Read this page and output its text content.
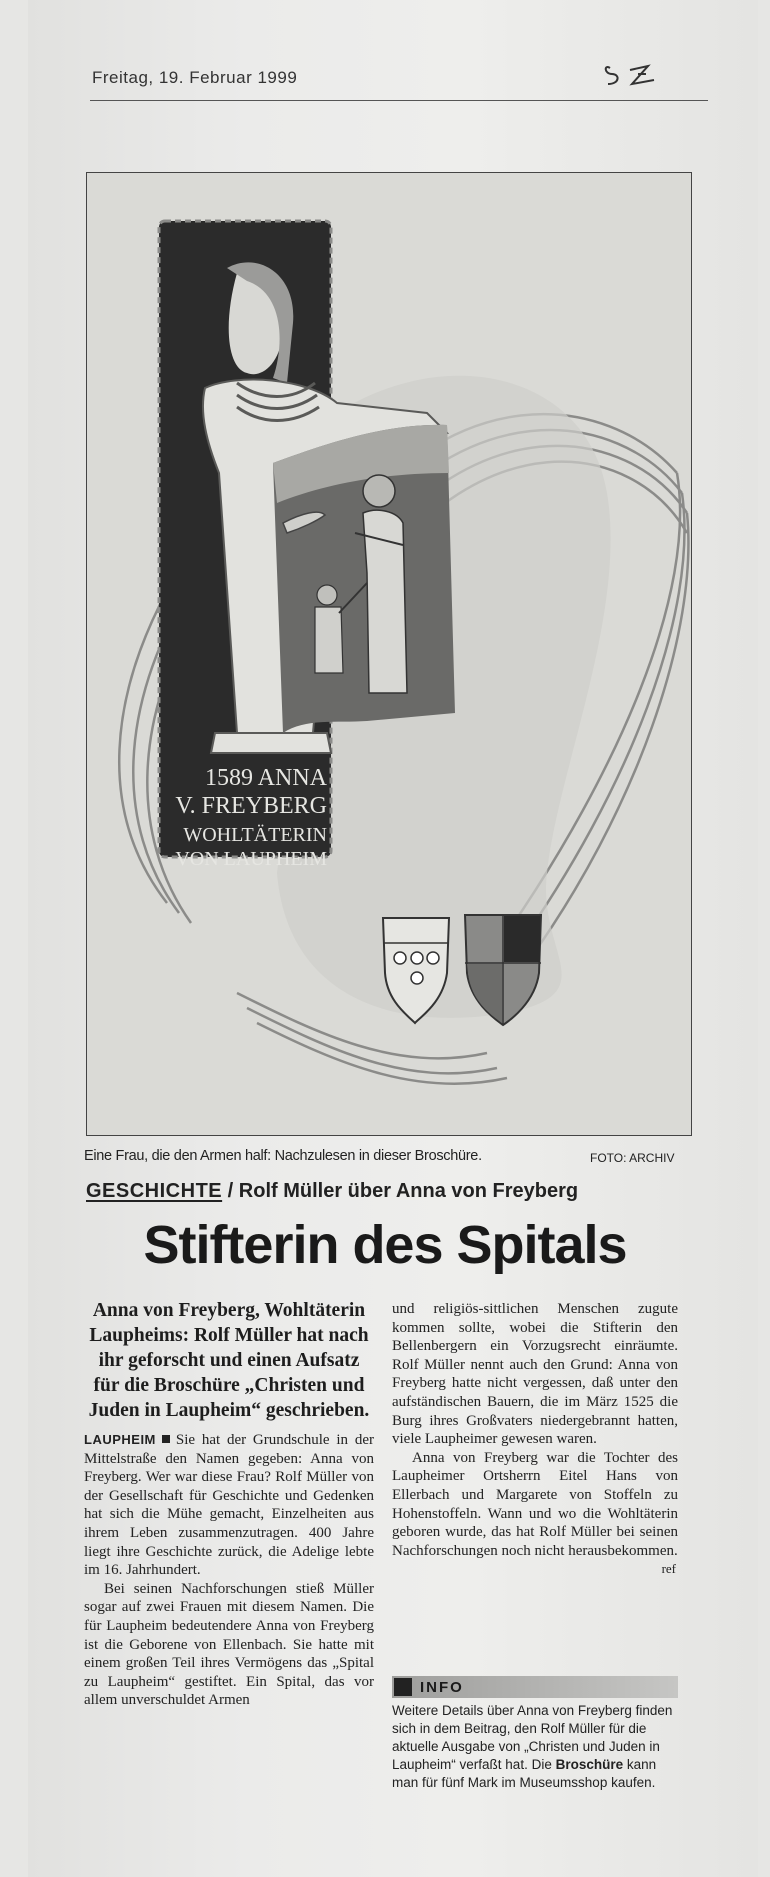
Freitag, 19. Februar 1999
1589 ANNA
V. FREYBERG
WOHLTÄTERIN
VON LAUPHEIM
Eine Frau, die den Armen half: Nachzulesen in dieser Broschüre.	FOTO: ARCHIV
GESCHICHTE / Rolf Müller über Anna von Freyberg
Stifterin des Spitals

Anna von Freyberg, Wohltäterin Laupheims: Rolf Müller hat nach ihr geforscht und einen Aufsatz für die Broschüre „Christen und Juden in Laupheim“ geschrieben.

LAUPHEIM Sie hat der Grundschule in der Mittelstraße den Namen gegeben: Anna von Freyberg. Wer war diese Frau? Rolf Müller von der Gesellschaft für Geschichte und Gedenken hat sich die Mühe gemacht, Einzelheiten aus ihrem Leben zusammenzutragen. 400 Jahre liegt ihre Geschichte zurück, die Adelige lebte im 16. Jahrhundert.

Bei seinen Nachforschungen stieß Müller sogar auf zwei Frauen mit diesem Namen. Die für Laupheim bedeutendere Anna von Freyberg ist die Geborene von Ellenbach. Sie hatte mit einem großen Teil ihres Vermögens das „Spital zu Laupheim“ gestiftet. Ein Spital, das vor allem unverschuldet Armen

und religiös-sittlichen Menschen zugute kommen sollte, wobei die Stifterin den Bellenbergern ein Vorzugsrecht einräumte. Rolf Müller nennt auch den Grund: Anna von Freyberg hatte nicht vergessen, daß unter den aufständischen Bauern, die im März 1525 die Burg ihres Großvaters niedergebrannt hatten, viele Laupheimer gewesen waren.

Anna von Freyberg war die Tochter des Laupheimer Ortsherrn Eitel Hans von Ellerbach und Margarete von Stoffeln zu Hohenstoffeln. Wann und wo die Wohltäterin geboren wurde, das hat Rolf Müller bei seinen Nachforschungen noch nicht herausbekommen.
ref

INFO
Weitere Details über Anna von Freyberg finden sich in dem Beitrag, den Rolf Müller für die aktuelle Ausgabe von „Christen und Juden in Laupheim“ verfaßt hat. Die Broschüre kann man für fünf Mark im Museumsshop kaufen.
